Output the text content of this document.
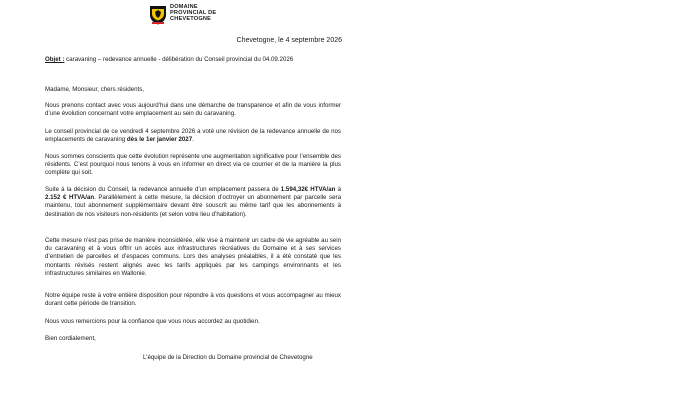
DOMAINE
PROVINCIAL DE
CHEVETOGNE
Chevetogne, le 4 septembre 2026

Objet : caravaning – redevance annuelle - délibération du Conseil provincial du 04.09.2026

Madame, Monsieur, chers résidents,

Nous prenons contact avec vous aujourd’hui dans une démarche de transparence et afin de vous informer d’une évolution concernant votre emplacement au sein du caravaning.

Le conseil provincial de ce vendredi 4 septembre 2026 a voté une révision de la redevance annuelle de nos emplacements de caravaning dès le 1er janvier 2027.

Nous sommes conscients que cette évolution représente une augmentation significative pour l’ensemble des résidents. C’est pourquoi nous tenons à vous en informer en direct via ce courrier et de la manière la plus complète qui soit.

Suite à la décision du Conseil, la redevance annuelle d’un emplacement passera de 1.594,32€ HTVA/an à 2.152 € HTVA/an. Parallèlement à cette mesure, la décision d’octroyer un abonnement par parcelle sera maintenu, tout abonnement supplémentaire devant être souscrit au même tarif que les abonnements à destination de nos visiteurs non-résidents (et selon votre lieu d’habitation).

Cette mesure n’est pas prise de manière inconsidérée, elle vise à maintenir un cadre de vie agréable au sein du caravaning et à vous offrir un accès aux infrastructures récréatives du Domaine et à ses services d’entretien de parcelles et d’espaces communs. Lors des analyses préalables, il a été constaté que les montants révisés restent alignés avec les tarifs appliqués par les campings environnants et les infrastructures similaires en Wallonie.

Notre équipe reste à votre entière disposition pour répondre à vos questions et vous accompagner au mieux durant cette période de transition.

Nous vous remercions pour la confiance que vous nous accordez au quotidien.

Bien cordialement,

L’équipe de la Direction du Domaine provincial de Chevetogne
